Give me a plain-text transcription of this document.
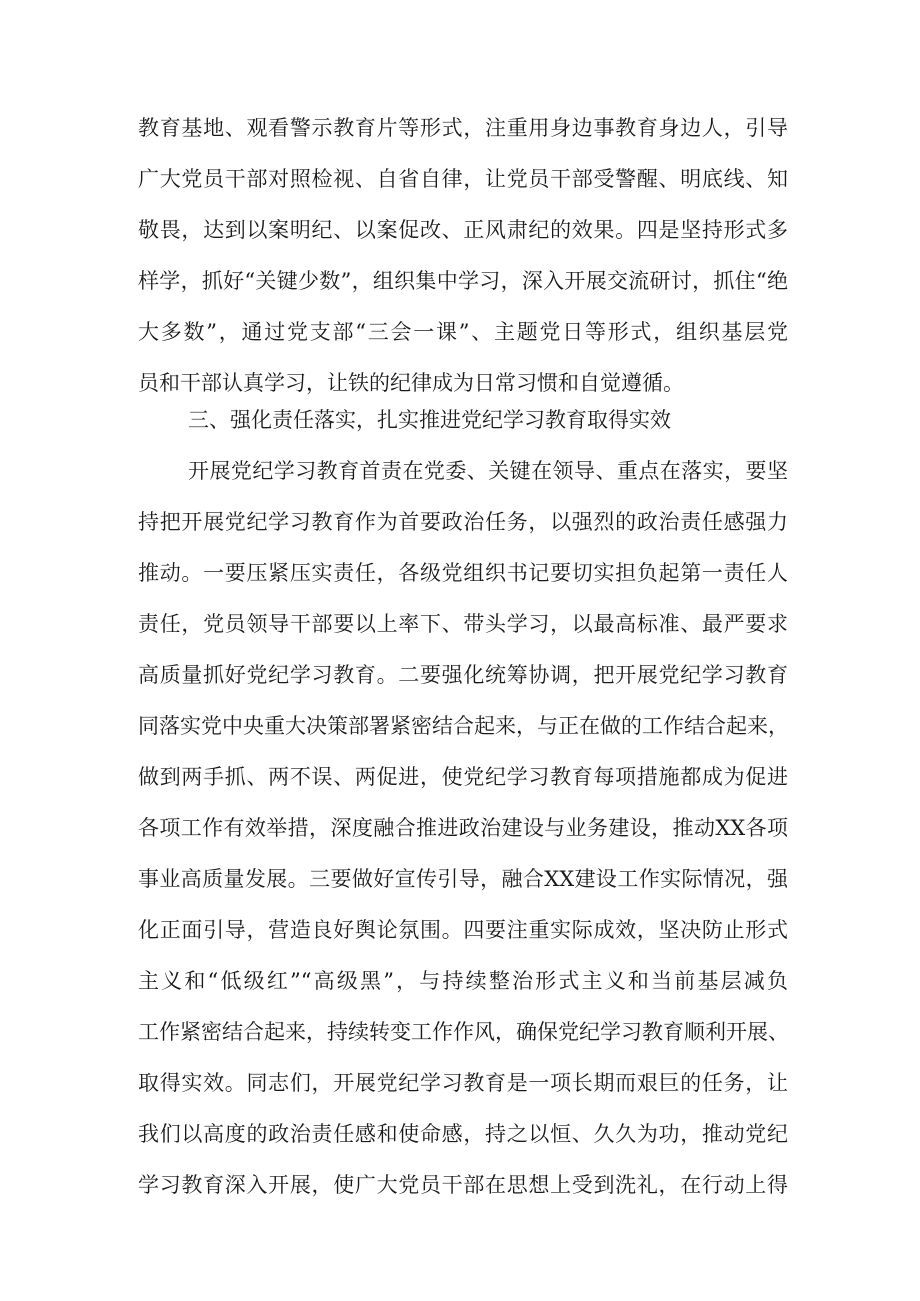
教育基地、观看警示教育片等形式，注重用身边事教育身边人，引导
广大党员干部对照检视、自省自律，让党员干部受警醒、明底线、知
敬畏，达到以案明纪、以案促改、正风肃纪的效果。四是坚持形式多
样学，抓好“关键少数”，组织集中学习，深入开展交流研讨，抓住“绝
大多数”，通过党支部“三会一课”、主题党日等形式，组织基层党
员和干部认真学习，让铁的纪律成为日常习惯和自觉遵循。
三、强化责任落实，扎实推进党纪学习教育取得实效
开展党纪学习教育首责在党委、关键在领导、重点在落实，要坚
持把开展党纪学习教育作为首要政治任务，以强烈的政治责任感强力
推动。一要压紧压实责任，各级党组织书记要切实担负起第一责任人
责任，党员领导干部要以上率下、带头学习，以最高标准、最严要求
高质量抓好党纪学习教育。二要强化统筹协调，把开展党纪学习教育
同落实党中央重大决策部署紧密结合起来，与正在做的工作结合起来，
做到两手抓、两不误、两促进，使党纪学习教育每项措施都成为促进
各项工作有效举措，深度融合推进政治建设与业务建设，推动XX各项
事业高质量发展。三要做好宣传引导，融合XX建设工作实际情况，强
化正面引导，营造良好舆论氛围。四要注重实际成效，坚决防止形式
主义和“低级红”“高级黑”，与持续整治形式主义和当前基层减负
工作紧密结合起来，持续转变工作作风，确保党纪学习教育顺利开展、
取得实效。同志们，开展党纪学习教育是一项长期而艰巨的任务，让
我们以高度的政治责任感和使命感，持之以恒、久久为功，推动党纪
学习教育深入开展，使广大党员干部在思想上受到洗礼，在行动上得
